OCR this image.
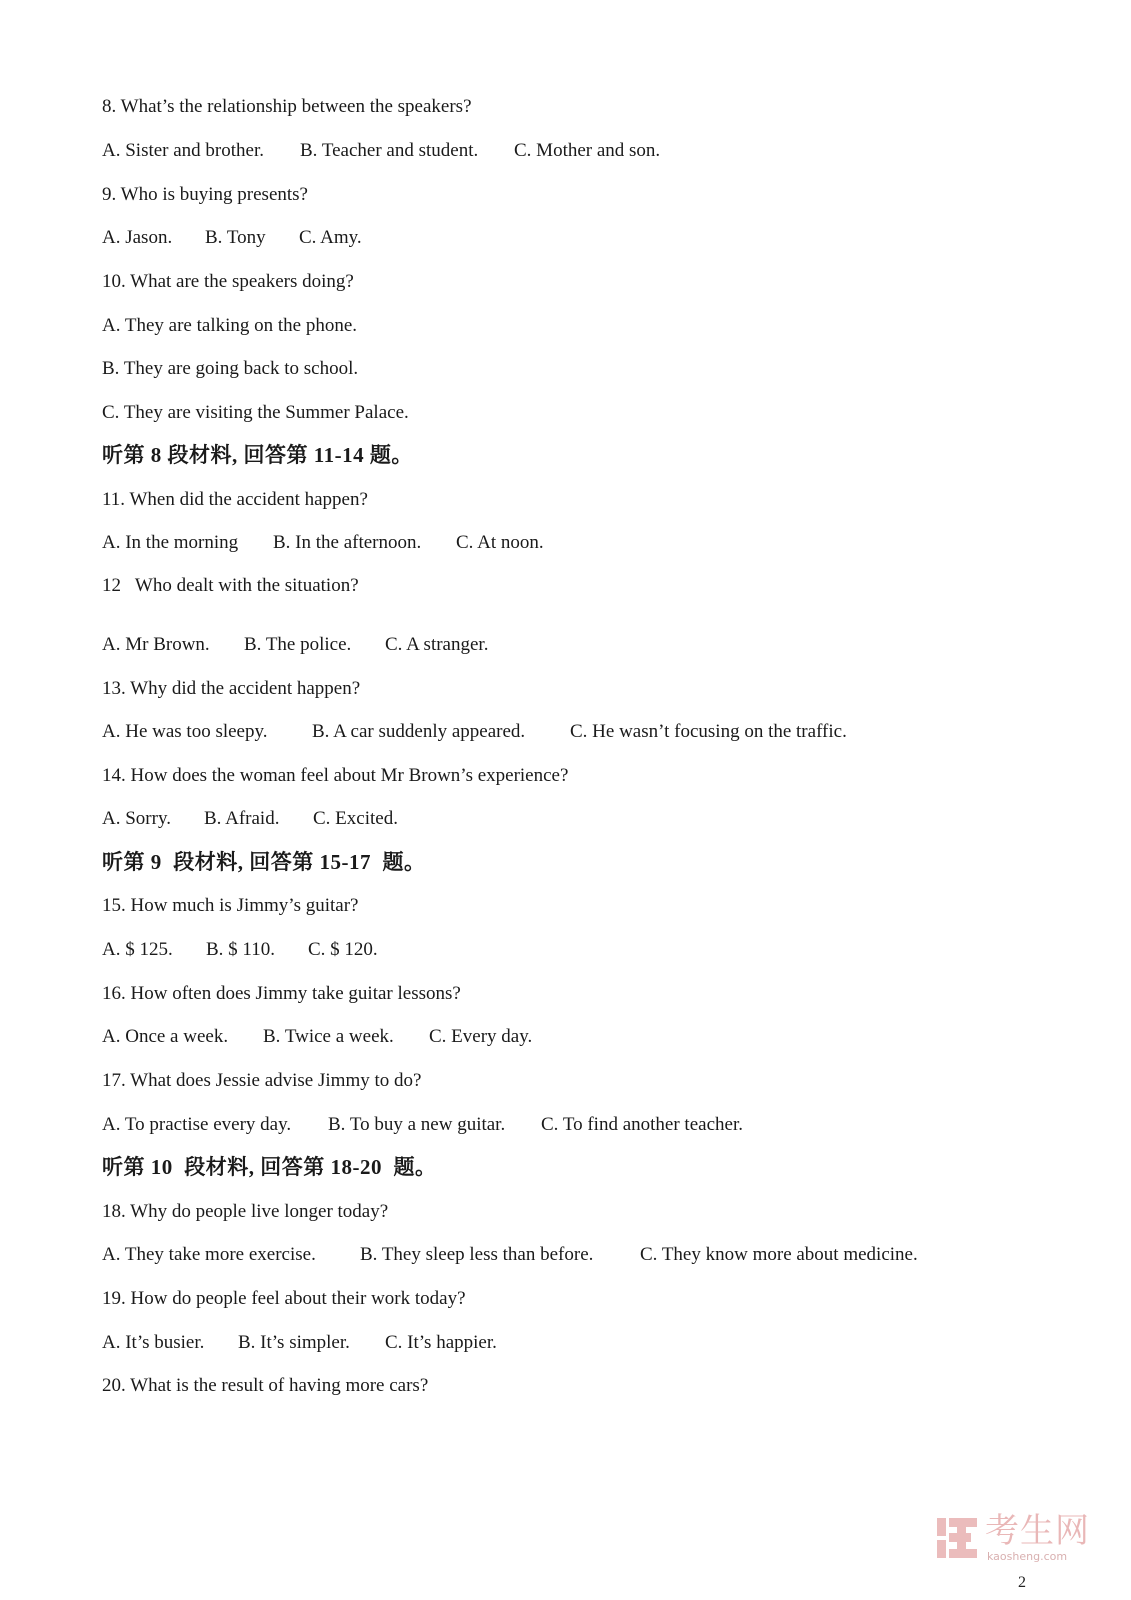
8. What’s the relationship between the speakers?
A. Sister and brother. B. Teacher and student. C. Mother and son.
9. Who is buying presents?
A. Jason. B. Tony C. Amy.
10. What are the speakers doing?
A. They are talking on the phone.
B. They are going back to school.
C. They are visiting the Summer Palace.
听第 8 段材料, 回答第 11-14 题。
11. When did the accident happen?
A. In the morning B. In the afternoon. C. At noon.
12   Who dealt with the situation?
A. Mr Brown. B. The police. C. A stranger.
13. Why did the accident happen?
A. He was too sleepy. B. A car suddenly appeared. C. He wasn’t focusing on the traffic.
14. How does the woman feel about Mr Brown’s experience?
A. Sorry. B. Afraid. C. Excited.
听第 9  段材料, 回答第 15-17  题。
15. How much is Jimmy’s guitar?
A. $ 125. B. $ 110. C. $ 120.
16. How often does Jimmy take guitar lessons?
A. Once a week. B. Twice a week. C. Every day.
17. What does Jessie advise Jimmy to do?
A. To practise every day. B. To buy a new guitar. C. To find another teacher.
听第 10  段材料, 回答第 18-20  题。
18. Why do people live longer today?
A. They take more exercise. B. They sleep less than before. C. They know more about medicine.
19. How do people feel about their work today?
A. It’s busier. B. It’s simpler. C. It’s happier.
20. What is the result of having more cars?
考生网
kaosheng.com
2
